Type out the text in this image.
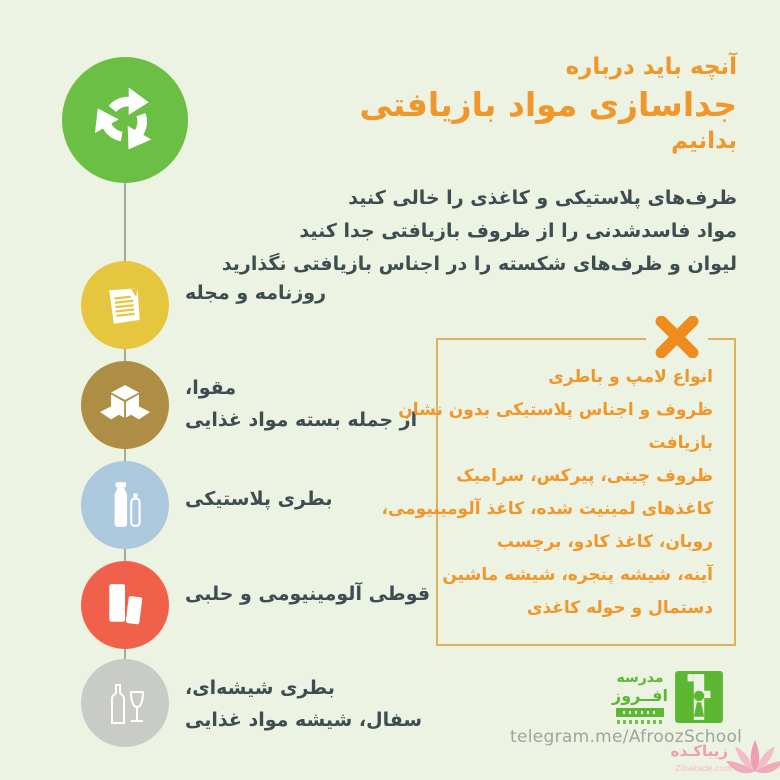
روزنامه و مجله
مقوا،
از جمله بسته مواد غذایی
بطری پلاستیکی
قوطی آلومینیومی و حلبی
بطری شیشه‌ای،
سفال، شیشه مواد غذایی
آنچه باید درباره
جداسازی مواد بازیافتی
بدانیم
ظرف‌های پلاستیکی و کاغذی را خالی کنید
مواد فاسدشدنی را از ظروف بازیافتی جدا کنید
لیوان و ظرف‌های شکسته را در اجناس بازیافتی نگذارید
انواع لامپ و باطری
ظروف و اجناس پلاستیکی بدون نشان
بازیافت
ظروف چینی، پیرکس، سرامیک
کاغذهای لمینیت شده، کاغذ آلومینیومی،
روبان، کاغذ کادو، برچسب
آینه، شیشه پنجره، شیشه ماشین
دستمال و حوله کاغذی
مدرسه
افــروز
telegram.me/AfroozSchool
زیباکـده
Zibakade.com
